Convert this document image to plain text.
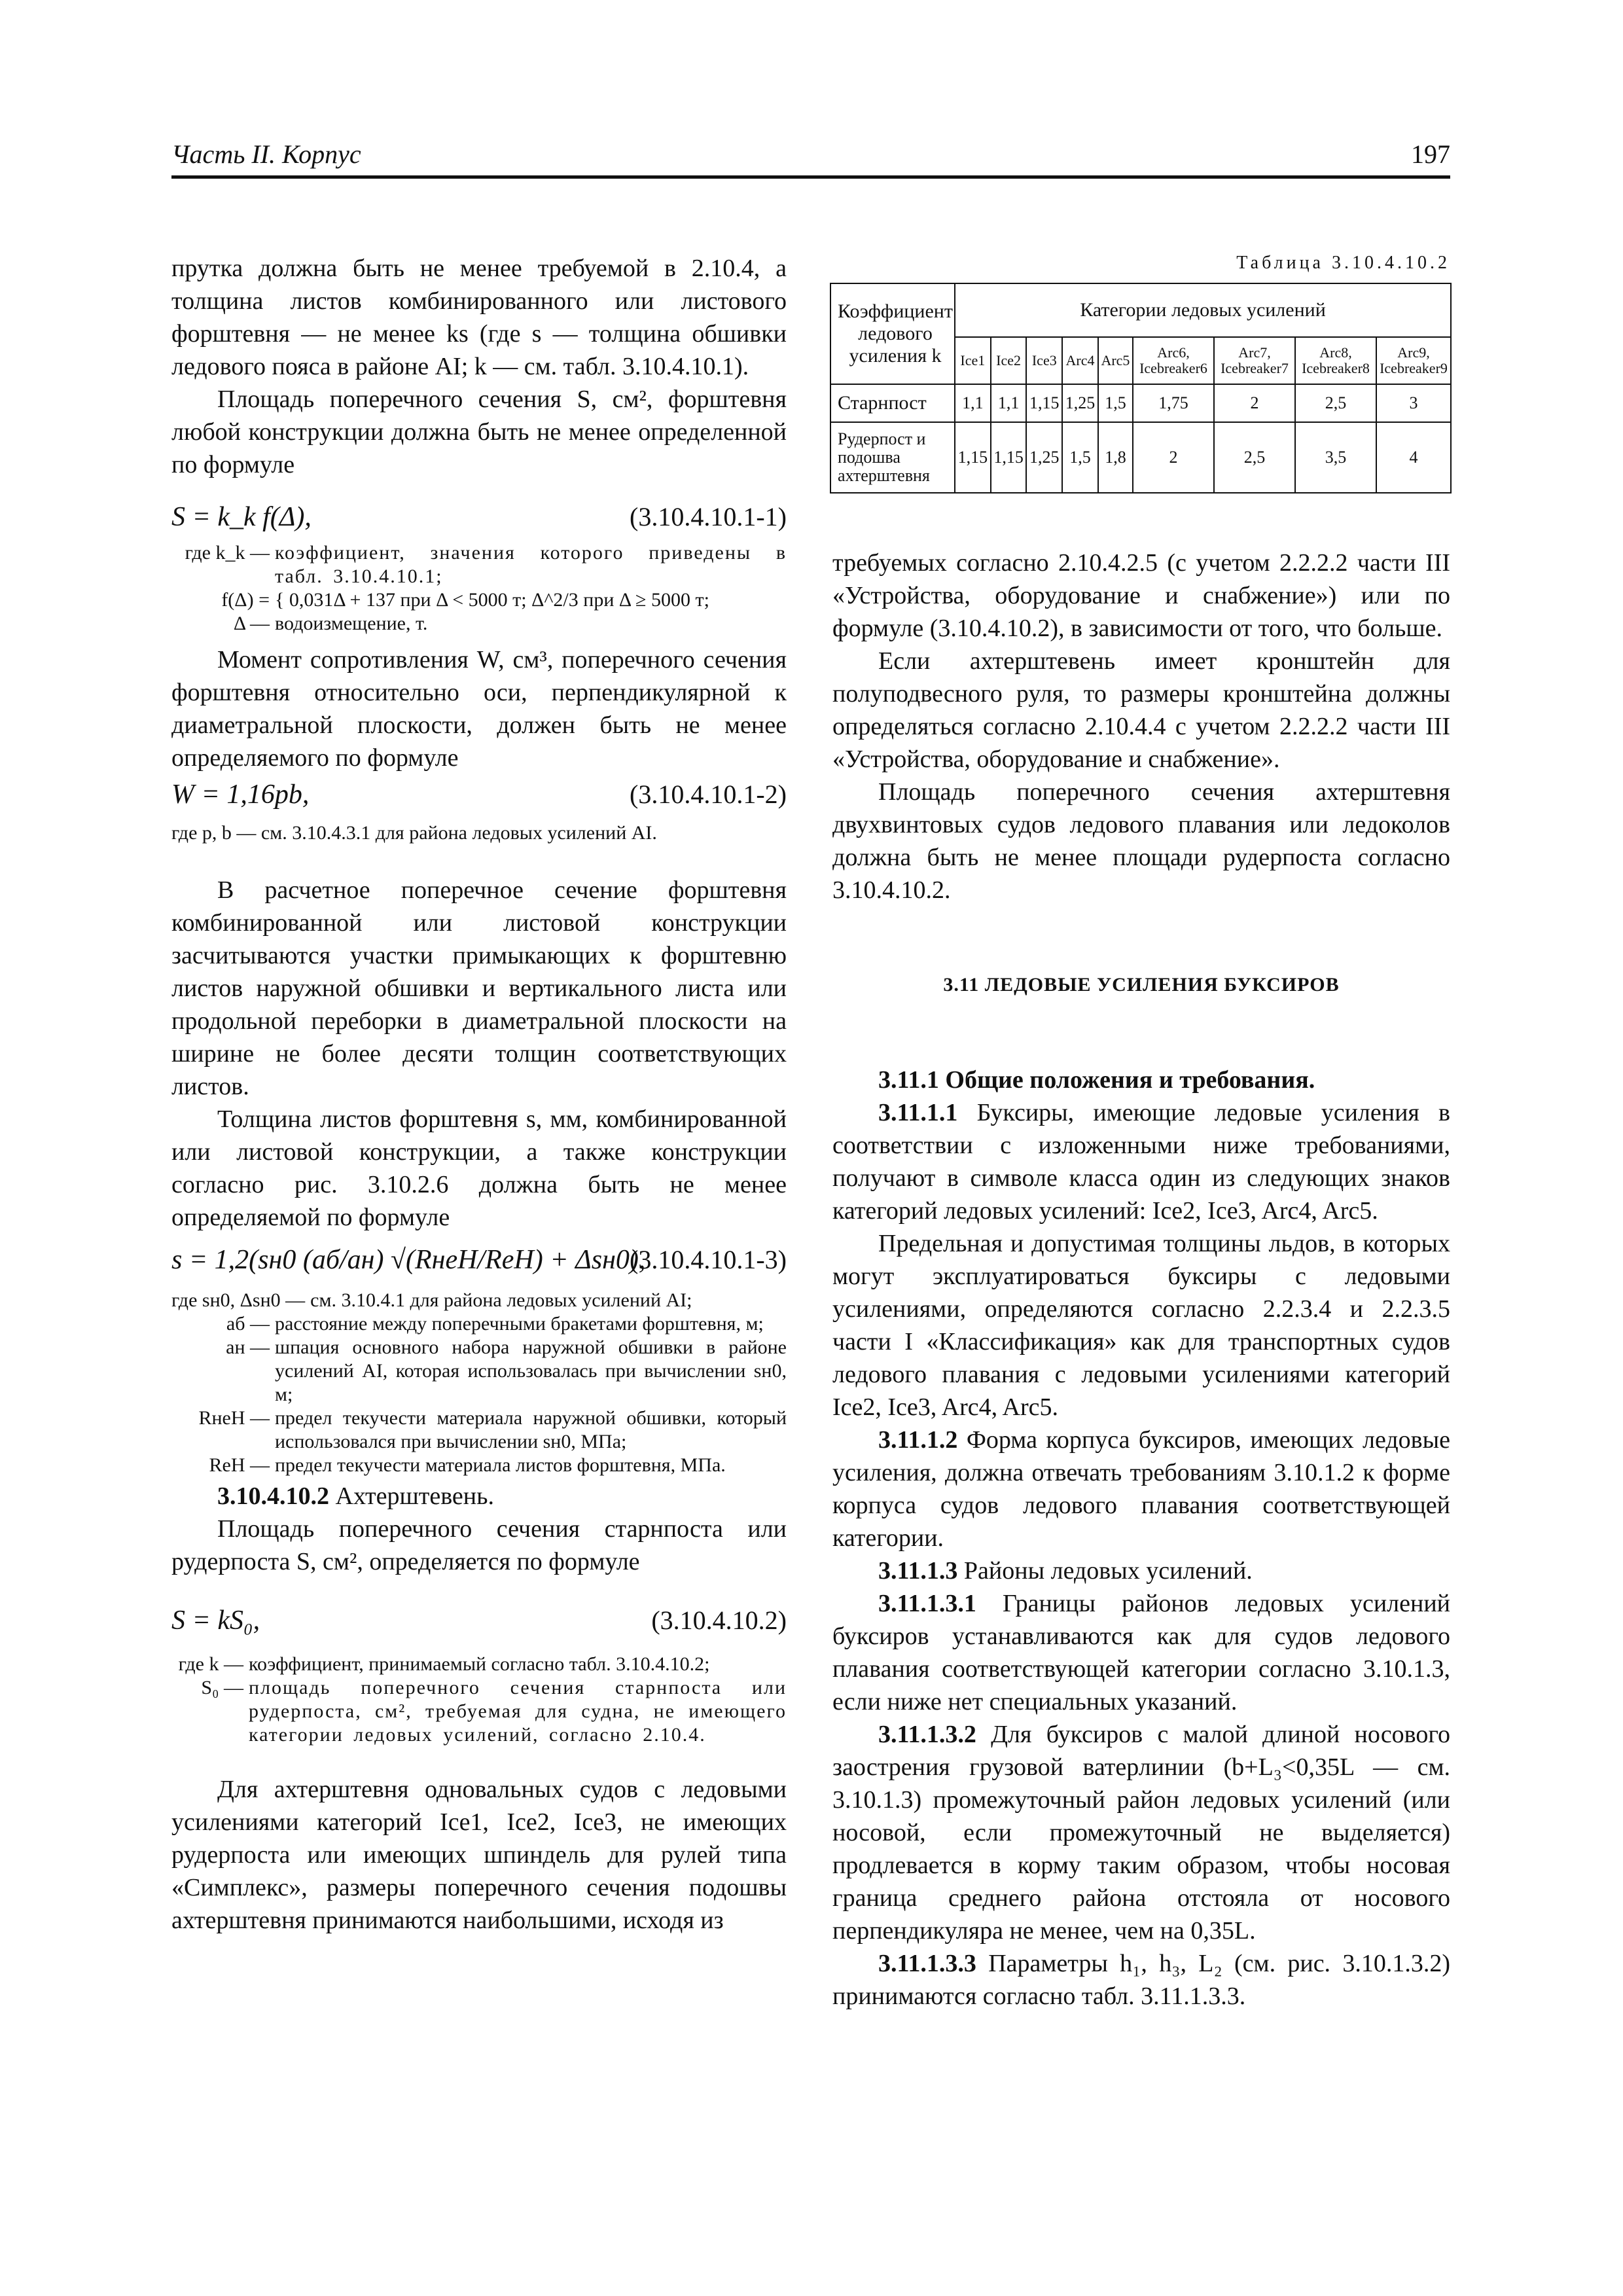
Часть II. Корпус	197

прутка должна быть не менее требуемой в 2.10.4, а толщина листов комбинированного или листового форштевня — не менее ks (где s — толщина обшивки ледового пояса в районе AI; k — см. табл. 3.10.4.10.1).

Площадь поперечного сечения S, см², форштевня любой конструкции должна быть не менее определенной по формуле

S = k_k f(Δ),	(3.10.4.10.1-1)
где k_k — коэффициент, значения которого приведены в табл. 3.10.4.10.1;
f(Δ) = { 0,031Δ + 137 при Δ < 5000 т; Δ^2/3 при Δ ≥ 5000 т;
Δ — водоизмещение, т.

Момент сопротивления W, см³, поперечного сечения форштевня относительно оси, перпендикулярной к диаметральной плоскости, должен быть не менее определяемого по формуле

W = 1,16pb,	(3.10.4.10.1-2)
где p, b — см. 3.10.4.3.1 для района ледовых усилений AI.

В расчетное поперечное сечение форштевня комбинированной или листовой конструкции засчитываются участки примыкающих к форштевню листов наружной обшивки и вертикального листа или продольной переборки в диаметральной плоскости на ширине не более десяти толщин соответствующих листов.

Толщина листов форштевня s, мм, комбинированной или листовой конструкции, а также конструкции согласно рис. 3.10.2.6 должна быть не менее определяемой по формуле

s = 1,2(sн0 (aб/aн) √(RнeH/ReH) + Δsн0),
(3.10.4.10.1-3)
где sн0, Δsн0 — см. 3.10.4.1 для района ледовых усилений AI;
aб — расстояние между поперечными бракетами форштевня, м;
aн — шпация основного набора наружной обшивки в районе усилений AI, которая использовалась при вычислении sн0, м;
RнeH — предел текучести материала наружной обшивки, который использовался при вычислении sн0, МПа;
ReH — предел текучести материала листов форштевня, МПа.

3.10.4.10.2 Ахтерштевень.

Площадь поперечного сечения старнпоста или рудерпоста S, см², определяется по формуле

S = kS₀,	(3.10.4.10.2)
где k — коэффициент, принимаемый согласно табл. 3.10.4.10.2;
S₀ — площадь поперечного сечения старнпоста или рудерпоста, см², требуемая для судна, не имеющего категории ледовых усилений, согласно 2.10.4.

Для ахтерштевня одновальных судов с ледовыми усилениями категорий Ice1, Ice2, Ice3, не имеющих рудерпоста или имеющих шпиндель для рулей типа «Симплекс», размеры поперечного сечения подошвы ахтерштевня принимаются наибольшими, исходя из

Таблица 3.10.4.10.2
Коэффициент ледового усиления k	Категории ледовых усилений								
	Ice1	Ice2	Ice3	Arc4	Arc5	Arc6, Icebreaker6	Arc7, Icebreaker7	Arc8, Icebreaker8	Arc9, Icebreaker9
Старнпост	1,1	1,1	1,15	1,25	1,5	1,75	2	2,5	3
Рудерпост и подошва ахтерштевня	1,15	1,15	1,25	1,5	1,8	2	2,5	3,5	4

требуемых согласно 2.10.4.2.5 (с учетом 2.2.2.2 части III «Устройства, оборудование и снабжение») или по формуле (3.10.4.10.2), в зависимости от того, что больше.

Если ахтерштевень имеет кронштейн для полуподвесного руля, то размеры кронштейна должны определяться согласно 2.10.4.4 с учетом 2.2.2.2 части III «Устройства, оборудование и снабжение».

Площадь поперечного сечения ахтерштевня двухвинтовых судов ледового плавания или ледоколов должна быть не менее площади рудерпоста согласно 3.10.4.10.2.

3.11 ЛЕДОВЫЕ УСИЛЕНИЯ БУКСИРОВ

3.11.1 Общие положения и требования.

3.11.1.1 Буксиры, имеющие ледовые усиления в соответствии с изложенными ниже требованиями, получают в символе класса один из следующих знаков категорий ледовых усилений: Ice2, Ice3, Arc4, Arc5.

Предельная и допустимая толщины льдов, в которых могут эксплуатироваться буксиры с ледовыми усилениями, определяются согласно 2.2.3.4 и 2.2.3.5 части I «Классификация» как для транспортных судов ледового плавания с ледовыми усилениями категорий Ice2, Ice3, Arc4, Arc5.

3.11.1.2 Форма корпуса буксиров, имеющих ледовые усиления, должна отвечать требованиям 3.10.1.2 к форме корпуса судов ледового плавания соответствующей категории.

3.11.1.3 Районы ледовых усилений.

3.11.1.3.1 Границы районов ледовых усилений буксиров устанавливаются как для судов ледового плавания соответствующей категории согласно 3.10.1.3, если ниже нет специальных указаний.

3.11.1.3.2 Для буксиров с малой длиной носового заострения грузовой ватерлинии (b+L₃<0,35L — см. 3.10.1.3) промежуточный район ледовых усилений (или носовой, если промежуточный не выделяется) продлевается в корму таким образом, чтобы носовая граница среднего района отстояла от носового перпендикуляра не менее, чем на 0,35L.

3.11.1.3.3 Параметры h₁, h₃, L₂ (см. рис. 3.10.1.3.2) принимаются согласно табл. 3.11.1.3.3.
